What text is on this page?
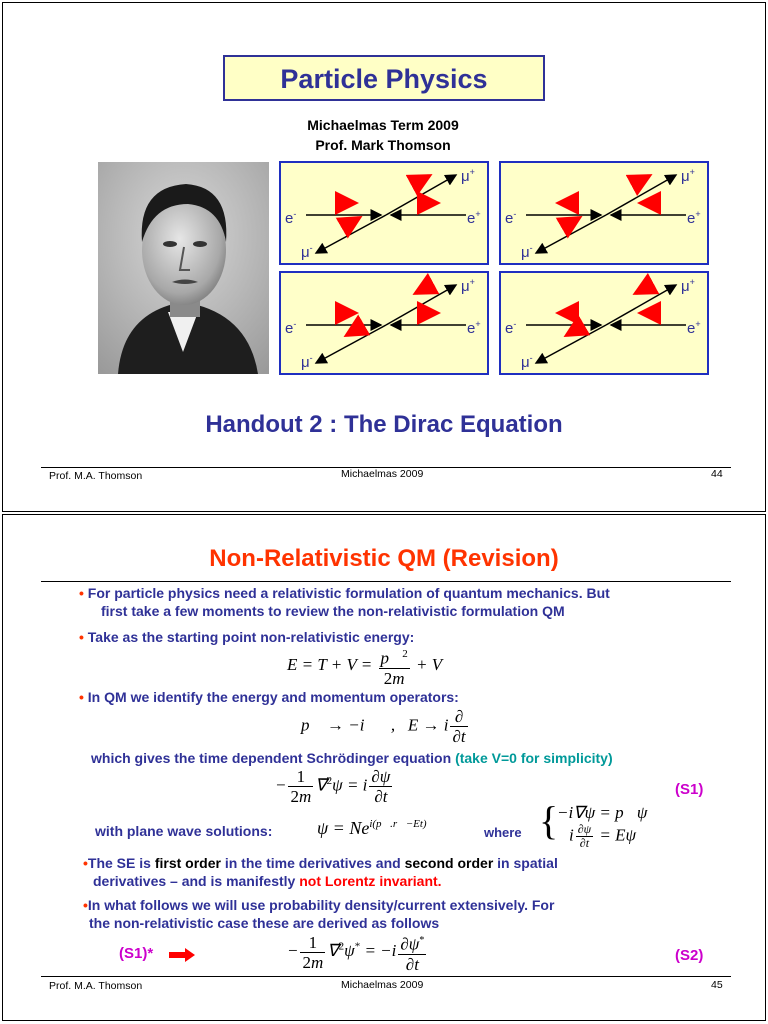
Particle Physics
Michaelmas Term 2009
Prof. Mark Thomson
e-	e+
μ+
μ-
e-	e+
μ+
μ-
e-	e+
μ+
μ-
e-	e+
μ+
μ-
Handout 2 : The Dirac Equation
Prof. M.A. Thomson	Michaelmas 2009	44
Non-Relativistic QM (Revision)
• For particle physics need a relativistic formulation of quantum mechanics. But
first take a few moments to review the non-relativistic formulation QM
• Take as the starting point non-relativistic energy:
$E = T + V = \frac{p⃗^2}{2m} + V$
• In QM we identify the energy and momentum operators:
p⃗ → −i∇⃗,   E → i $\frac{\partial}{\partial t}$
which gives the time dependent Schrödinger equation (take V=0 for simplicity)
− $\frac{1}{2m}$ ∇⃗$^2$ψ = i $\frac{\partial\psi}{\partial t}$	(S1)
with plane wave solutions: $\psi = Ne^{i(p⃗.r⃗-Et)}$
where {
−i∇ψ = p⃗ψ
i $\frac{\partial\psi}{\partial t} = E\psi$
•The SE is first order in the time derivatives and second order in spatial
derivatives – and is manifestly not Lorentz invariant.
•In what follows we will use probability density/current extensively. For
the non-relativistic case these are derived as follows
(S1)*	− $\frac{1}{2m}$ ∇⃗$^2$ψ* = $-i \frac{\partial\psi^*}{\partial t}$	(S2)
Prof. M.A. Thomson	Michaelmas 2009	45
